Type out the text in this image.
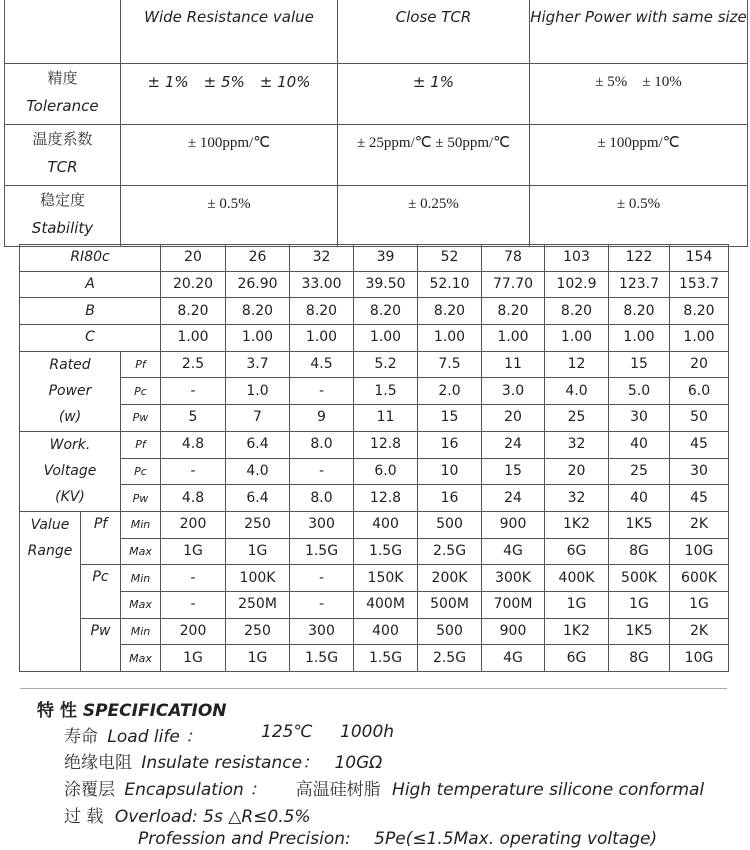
	Wide Resistance value	Close TCR	Higher Power with same size

精度
Tolerance	± 1%　± 5%　± 10%	± 1%	± 5%　± 10%

温度系数
TCR	± 100ppm/℃	± 25ppm/℃ ± 50ppm/℃	± 100ppm/℃

稳定度
Stability	± 0.5%	± 0.25%	± 0.5%
RI80c			20	26	32	39	52	78	103	122	154
A			20.20	26.90	33.00	39.50	52.10	77.70	102.9	123.7	153.7
B			8.20	8.20	8.20	8.20	8.20	8.20	8.20	8.20	8.20
C			1.00	1.00	1.00	1.00	1.00	1.00	1.00	1.00	1.00

Rated
Power
(w)		Pf	2.5	3.7	4.5	5.2	7.5	11	12	15	20
		Pc	-	1.0	-	1.5	2.0	3.0	4.0	5.0	6.0
		Pw	5	7	9	11	15	20	25	30	50

Work.
Voltage
(KV)		Pf	4.8	6.4	8.0	12.8	16	24	32	40	45
		Pc	-	4.0	-	6.0	10	15	20	25	30
		Pw	4.8	6.4	8.0	12.8	16	24	32	40	45

Value
Range	Pf	Min	200	250	300	400	500	900	1K2	1K5	2K
		Max	1G	1G	1.5G	1.5G	2.5G	4G	6G	8G	10G
	Pc	Min	-	100K	-	150K	200K	300K	400K	500K	600K
		Max	-	250M	-	400M	500M	700M	1G	1G	1G
	Pw	Min	200	250	300	400	500	900	1K2	1K5	2K
		Max	1G	1G	1.5G	1.5G	2.5G	4G	6G	8G	10G
特 性 SPECIFICATION
寿命 Load life ：	125℃ 1000h
绝缘电阻 Insulate resistance： 10GΩ
涂覆层 Encapsulation ： 高温硅树脂 High temperature silicone conformal
过 载 Overload: 5s △R≤0.5%
Profession and Precision: 5Pe(≤1.5Max. operating voltage)
